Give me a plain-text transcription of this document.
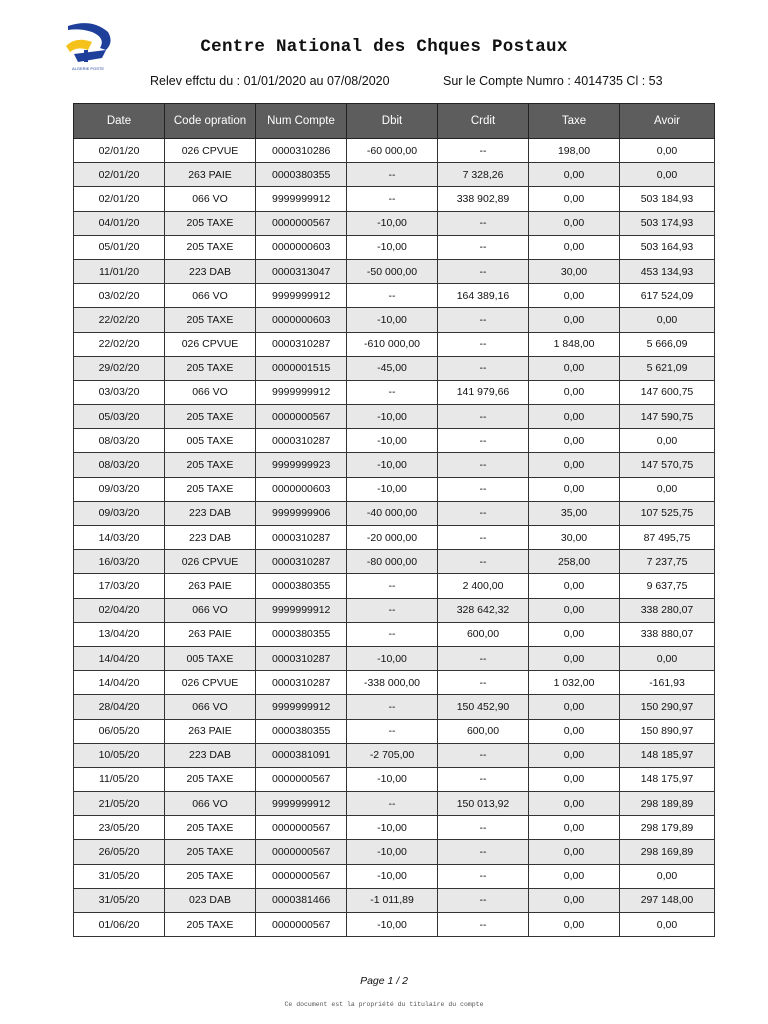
ALGERIE POSTE
Centre National des Chques Postaux
Relev effctu du : 01/01/2020 au 07/08/2020	Sur le Compte Numro : 4014735 Cl : 53
Date	Code opration	Num Compte	Dbit	Crdit	Taxe	Avoir
02/01/20	026 CPVUE	0000310286	-60 000,00	--	198,00	0,00
02/01/20	263 PAIE	0000380355	--	7 328,26	0,00	0,00
02/01/20	066 VO	9999999912	--	338 902,89	0,00	503 184,93
04/01/20	205 TAXE	0000000567	-10,00	--	0,00	503 174,93
05/01/20	205 TAXE	0000000603	-10,00	--	0,00	503 164,93
11/01/20	223 DAB	0000313047	-50 000,00	--	30,00	453 134,93
03/02/20	066 VO	9999999912	--	164 389,16	0,00	617 524,09
22/02/20	205 TAXE	0000000603	-10,00	--	0,00	0,00
22/02/20	026 CPVUE	0000310287	-610 000,00	--	1 848,00	5 666,09
29/02/20	205 TAXE	0000001515	-45,00	--	0,00	5 621,09
03/03/20	066 VO	9999999912	--	141 979,66	0,00	147 600,75
05/03/20	205 TAXE	0000000567	-10,00	--	0,00	147 590,75
08/03/20	005 TAXE	0000310287	-10,00	--	0,00	0,00
08/03/20	205 TAXE	9999999923	-10,00	--	0,00	147 570,75
09/03/20	205 TAXE	0000000603	-10,00	--	0,00	0,00
09/03/20	223 DAB	9999999906	-40 000,00	--	35,00	107 525,75
14/03/20	223 DAB	0000310287	-20 000,00	--	30,00	87 495,75
16/03/20	026 CPVUE	0000310287	-80 000,00	--	258,00	7 237,75
17/03/20	263 PAIE	0000380355	--	2 400,00	0,00	9 637,75
02/04/20	066 VO	9999999912	--	328 642,32	0,00	338 280,07
13/04/20	263 PAIE	0000380355	--	600,00	0,00	338 880,07
14/04/20	005 TAXE	0000310287	-10,00	--	0,00	0,00
14/04/20	026 CPVUE	0000310287	-338 000,00	--	1 032,00	-161,93
28/04/20	066 VO	9999999912	--	150 452,90	0,00	150 290,97
06/05/20	263 PAIE	0000380355	--	600,00	0,00	150 890,97
10/05/20	223 DAB	0000381091	-2 705,00	--	0,00	148 185,97
11/05/20	205 TAXE	0000000567	-10,00	--	0,00	148 175,97
21/05/20	066 VO	9999999912	--	150 013,92	0,00	298 189,89
23/05/20	205 TAXE	0000000567	-10,00	--	0,00	298 179,89
26/05/20	205 TAXE	0000000567	-10,00	--	0,00	298 169,89
31/05/20	205 TAXE	0000000567	-10,00	--	0,00	0,00
31/05/20	023 DAB	0000381466	-1 011,89	--	0,00	297 148,00
01/06/20	205 TAXE	0000000567	-10,00	--	0,00	0,00
Page 1 / 2
Ce document est la propriété du titulaire du compte
